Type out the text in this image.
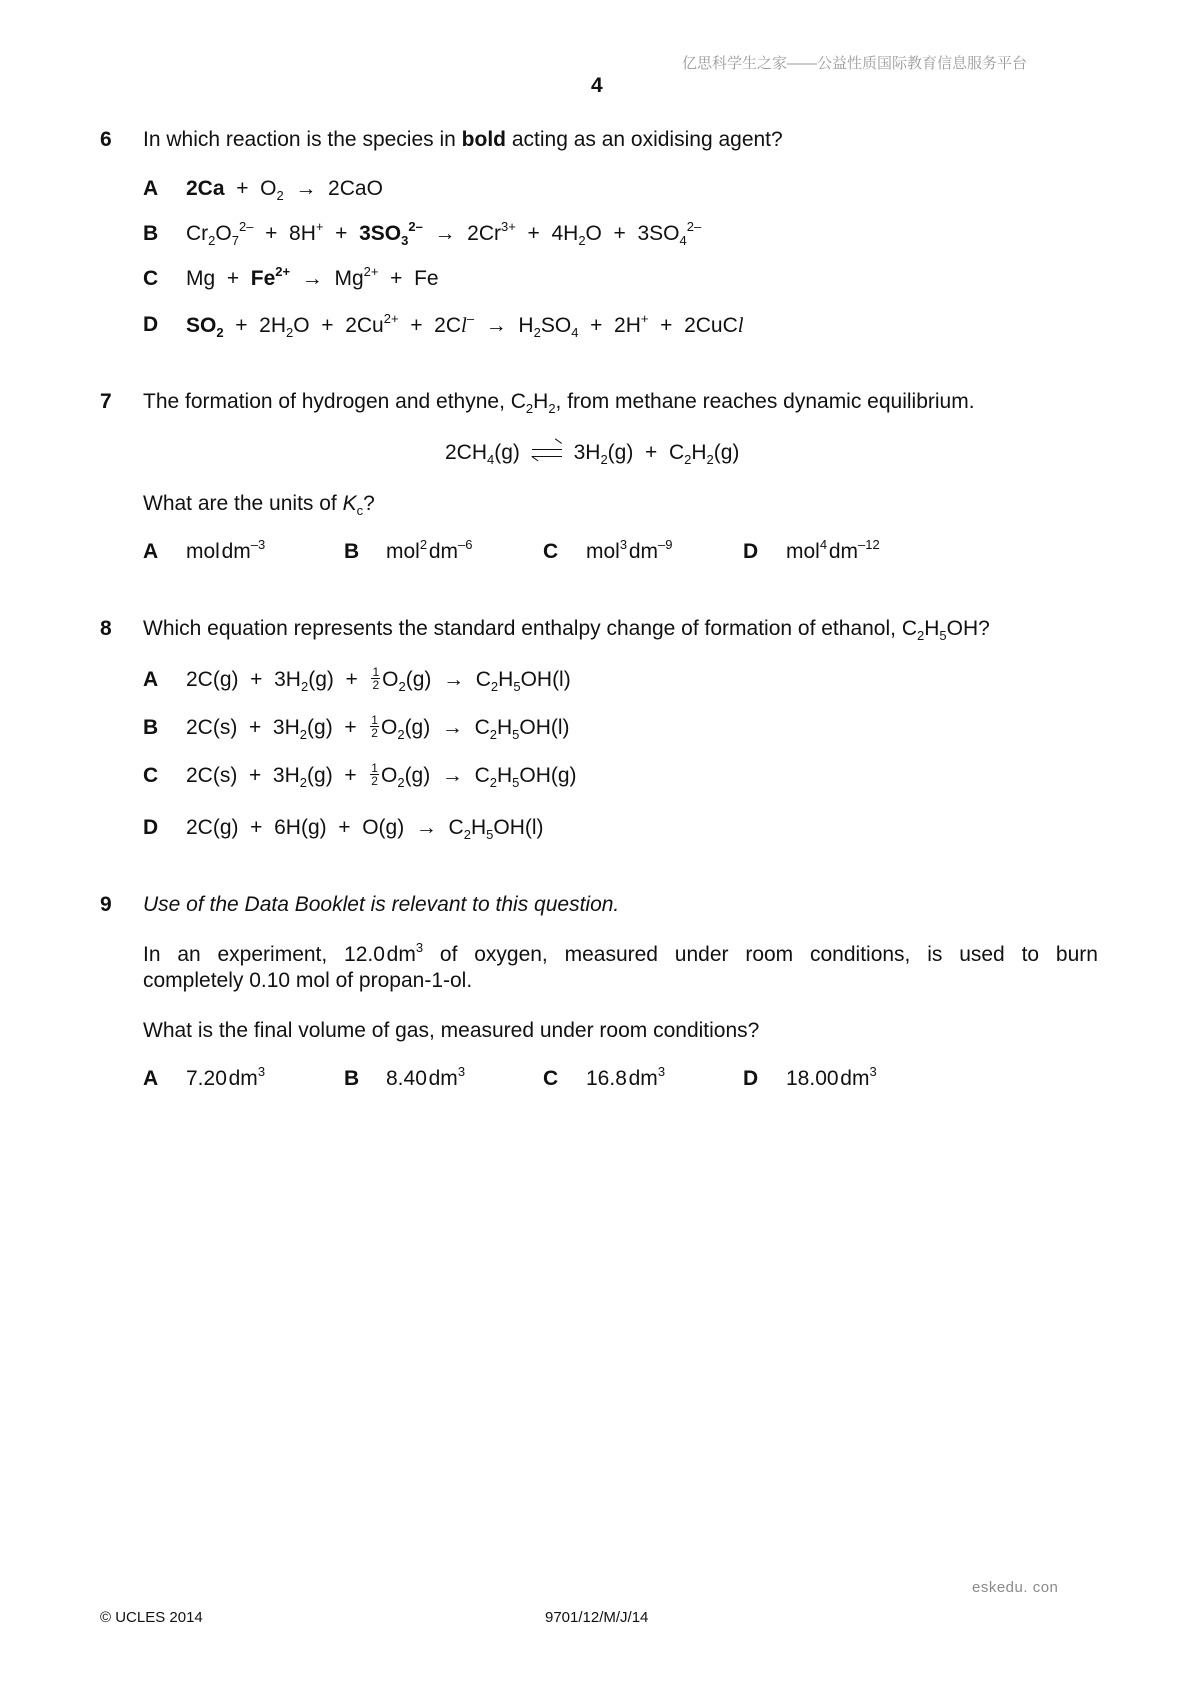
亿思科学生之家——公益性质国际教育信息服务平台
4
6 In which reaction is the species in bold acting as an oxidising agent?
A $2Ca + O_2 \to 2CaO$
B $Cr_2O_7^{2-} + 8H^+ + 3SO_3^{2-} \to 2Cr^{3+} + 4H_2O + 3SO_4^{2-}$
C $Mg + Fe^{2+} \to Mg^{2+} + Fe$
D $SO_2 + 2H_2O + 2Cu^{2+} + 2Cl^- \to H_2SO_4 + 2H^+$  +  2CuCl
7 The formation of hydrogen and ethyne, $C_2H_2$, from methane reaches dynamic equilibrium.
$2CH_4(g)$
$3H_2(g) + C_2H_2(g)$
What are the units of $K_c$?
A mol $dm^{-3}$	B mol$^2$ $dm^{-6}$	C mol$^3$ $dm^{-9}$	D mol$^4$ $dm^{-12}$
8 Which equation represents the standard enthalpy change of formation of ethanol, $C_2H_5OH$?
A $2C(g) + 3H_2(g) + \frac{1}{2} O_2(g) \to C_2H_5OH(l)$
B $2C(s) + 3H_2(g) + \frac{1}{2} O_2(g) \to C_2H_5OH(l)$
C $2C(s) + 3H_2(g) + \frac{1}{2} O_2(g) \to C_2H_5OH(g)$
D $2C(g) + 6H(g) + O(g) \to C_2H_5OH(l)$
9 Use of the Data Booklet is relevant to this question.
In an experiment, 12.0 $dm^3$ of oxygen, measured under room conditions, is used to burn
completely 0.10 mol of propan-1-ol.
What is the final volume of gas, measured under room conditions?
A 7.20 $dm^3$	B 8.40 $dm^3$	C 16.8 $dm^3$	D 18.00 $dm^3$
eskedu. con
© UCLES 2014	9701/12/M/J/14
